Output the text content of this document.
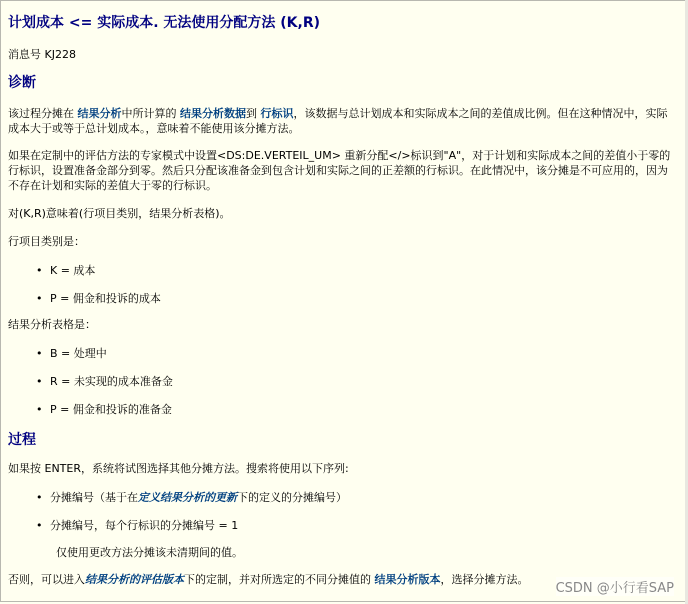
计划成本 <= 实际成本. 无法使用分配方法 (K,R)
消息号 KJ228
诊断
该过程分摊在 结果分析中所计算的 结果分析数据到 行标识，该数据与总计划成本和实际成本之间的差值成比例。但在这种情况中，实际成本大于或等于总计划成本。，意味着不能使用该分摊方法。
如果在定制中的评估方法的专家模式中设置<DS:DE.VERTEIL_UM> 重新分配</>标识到"A"，对于计划和实际成本之间的差值小于零的行标识，设置准备金部分到零。然后只分配该准备金到包含计划和实际之间的正差额的行标识。在此情况中，该分摊是不可应用的，因为不存在计划和实际的差值大于零的行标识。
对(K,R)意味着(行项目类别，结果分析表格)。
行项目类别是：
• K = 成本
• P = 佣金和投诉的成本
结果分析表格是：
• B = 处理中
• R = 未实现的成本准备金
• P = 佣金和投诉的准备金
过程
如果按 ENTER，系统将试图选择其他分摊方法。搜索将使用以下序列:
• 分摊编号（基于在定义结果分析的更新下的定义的分摊编号）
• 分摊编号，每个行标识的分摊编号 = 1
仅使用更改方法分摊该未清期间的值。
否则，可以进入结果分析的评估版本下的定制，并对所选定的不同分摊值的 结果分析版本，选择分摊方法。
CSDN @小行看SAP
